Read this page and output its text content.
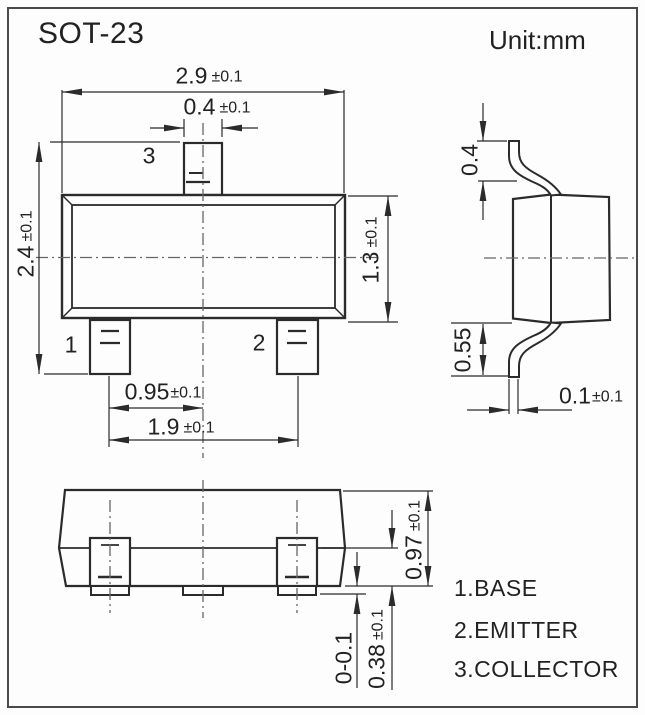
SOT-23	Unit:mm
3
1	2
2.9 ±0.1
0.4 ±0.1
0.95±0.1
1.9 ±0.1
0.1±0.1
2.4±0.1
1.3±0.1
0.4
0.55
0.97±0.1
0.38±0.1
0-0.1
1.BASE
2.EMITTER
3.COLLECTOR
